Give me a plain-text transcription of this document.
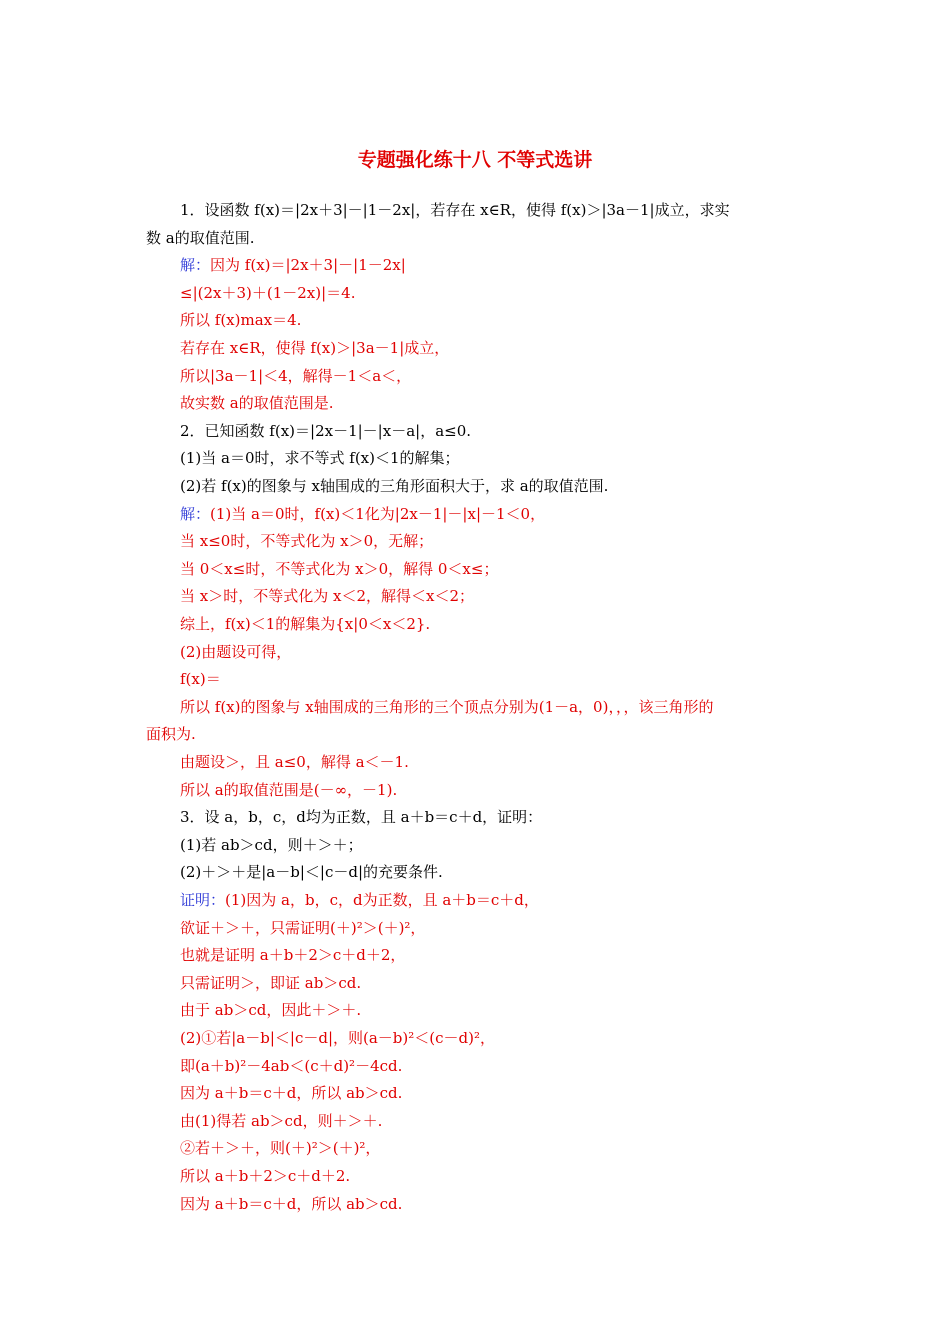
专题强化练十八 不等式选讲
1．设函数 f(x)＝|2x＋3|－|1－2x|，若存在 x∈R，使得 f(x)＞|3a－1|成立，求实
数 a的取值范围.
解：因为 f(x)＝|2x＋3|－|1－2x|
≤|(2x＋3)＋(1－2x)|＝4.
所以 f(x)max＝4.
若存在 x∈R，使得 f(x)＞|3a－1|成立，
所以|3a－1|＜4，解得－1＜a＜，
故实数 a的取值范围是.
2．已知函数 f(x)＝|2x－1|－|x－a|，a≤0.
(1)当 a＝0时，求不等式 f(x)＜1的解集；
(2)若 f(x)的图象与 x轴围成的三角形面积大于，求 a的取值范围.
解：(1)当 a＝0时，f(x)＜1化为|2x－1|－|x|－1＜0，
当 x≤0时，不等式化为 x＞0，无解；
当 0＜x≤时，不等式化为 x＞0，解得 0＜x≤；
当 x＞时，不等式化为 x＜2，解得＜x＜2；
综上，f(x)＜1的解集为{x|0＜x＜2}.
(2)由题设可得，
f(x)＝
所以 f(x)的图象与 x轴围成的三角形的三个顶点分别为(1－a，0)，，，该三角形的
面积为.
由题设＞，且 a≤0，解得 a＜－1.
所以 a的取值范围是(－∞，－1).
3．设 a，b，c，d均为正数，且 a＋b＝c＋d，证明：
(1)若 ab＞cd，则＋＞＋；
(2)＋＞＋是|a－b|＜|c－d|的充要条件.
证明：(1)因为 a，b，c，d为正数，且 a＋b＝c＋d，
欲证＋＞＋，只需证明(＋)²＞(＋)²，
也就是证明 a＋b＋2＞c＋d＋2，
只需证明＞，即证 ab＞cd.
由于 ab＞cd，因此＋＞＋.
(2)①若|a－b|＜|c－d|，则(a－b)²＜(c－d)²，
即(a＋b)²－4ab＜(c＋d)²－4cd.
因为 a＋b＝c＋d，所以 ab＞cd.
由(1)得若 ab＞cd，则＋＞＋.
②若＋＞＋，则(＋)²＞(＋)²，
所以 a＋b＋2＞c＋d＋2.
因为 a＋b＝c＋d，所以 ab＞cd.
